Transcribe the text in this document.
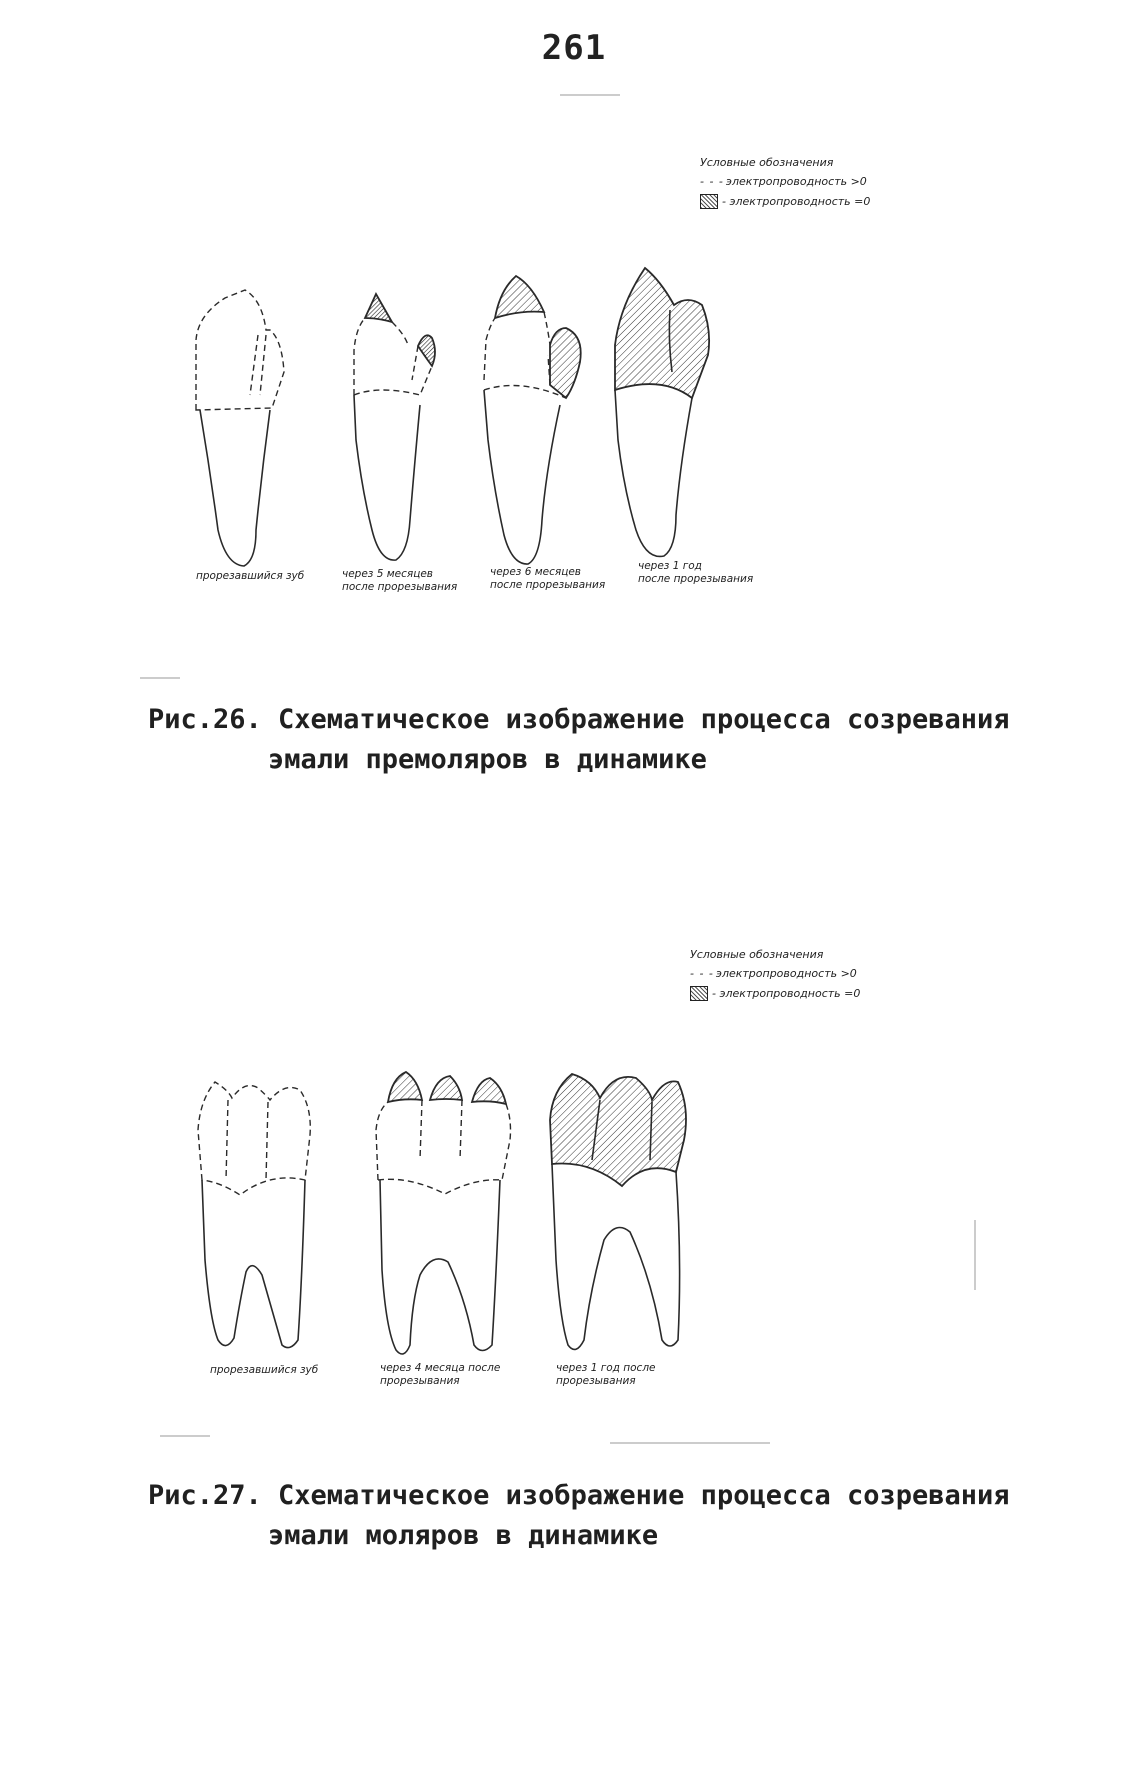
261
Условные обозначения
- - - электропроводность >0
- электропроводность =0
Условные обозначения
- - - электропроводность >0
- электропроводность =0
прорезавшийся зуб	через 5 месяцев
после прорезывания
через 6 месяцев
после прорезывания
через 1 год
после прорезывания
Рис.26. Схематическое изображение процесса созревания
эмали премоляров в динамике
прорезавшийся зуб	через 4 месяца после
прорезывания
через 1 год после
прорезывания
Рис.27. Схематическое изображение процесса созревания
эмали моляров в динамике
